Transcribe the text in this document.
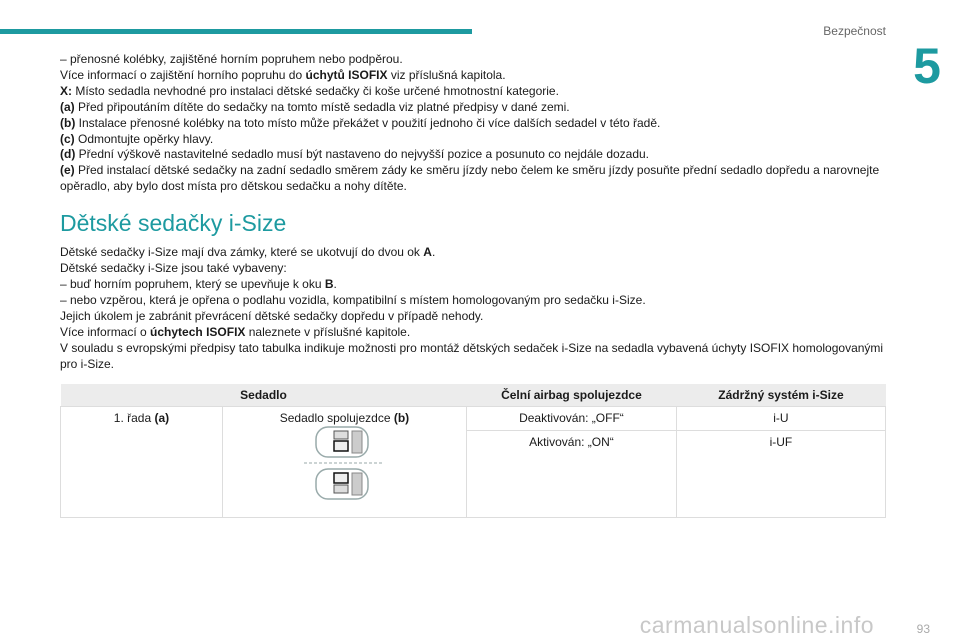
Bezpečnost
5

– přenosné kolébky, zajištěné horním popruhem nebo podpěrou.

Více informací o zajištění horního popruhu do úchytů ISOFIX viz příslušná kapitola.

X: Místo sedadla nevhodné pro instalaci dětské sedačky či koše určené hmotnostní kategorie.

(a) Před připoutáním dítěte do sedačky na tomto místě sedadla viz platné předpisy v dané zemi.

(b) Instalace přenosné kolébky na toto místo může překážet v použití jednoho či více dalších sedadel v této řadě.

(c) Odmontujte opěrky hlavy.

(d) Přední výškově nastavitelné sedadlo musí být nastaveno do nejvyšší pozice a posunuto co nejdále dozadu.

(e) Před instalací dětské sedačky na zadní sedadlo směrem zády ke směru jízdy nebo čelem ke směru jízdy posuňte přední sedadlo dopředu a narovnejte opěradlo, aby bylo dost místa pro dětskou sedačku a nohy dítěte.

Dětské sedačky i-Size

Dětské sedačky i-Size mají dva zámky, které se ukotvují do dvou ok A.

Dětské sedačky i-Size jsou také vybaveny:

– buď horním popruhem, který se upevňuje k oku B.

– nebo vzpěrou, která je opřena o podlahu vozidla, kompatibilní s místem homologovaným pro sedačku i-Size.

Jejich úkolem je zabránit převrácení dětské sedačky dopředu v případě nehody.

Více informací o úchytech ISOFIX naleznete v příslušné kapitole.

V souladu s evropskými předpisy tato tabulka indikuje možnosti pro montáž dětských sedaček i-Size na sedadla vybavená úchyty ISOFIX homologovanými pro i-Size.

Sedadlo		Čelní airbag spolujezdce	Zádržný systém i-Size
1. řada (a)	Sedadlo spolujezdce (b)	Deaktivován: „OFF“	i-U
		Aktivován: „ON“	i-UF
carmanualsonline.info	93
